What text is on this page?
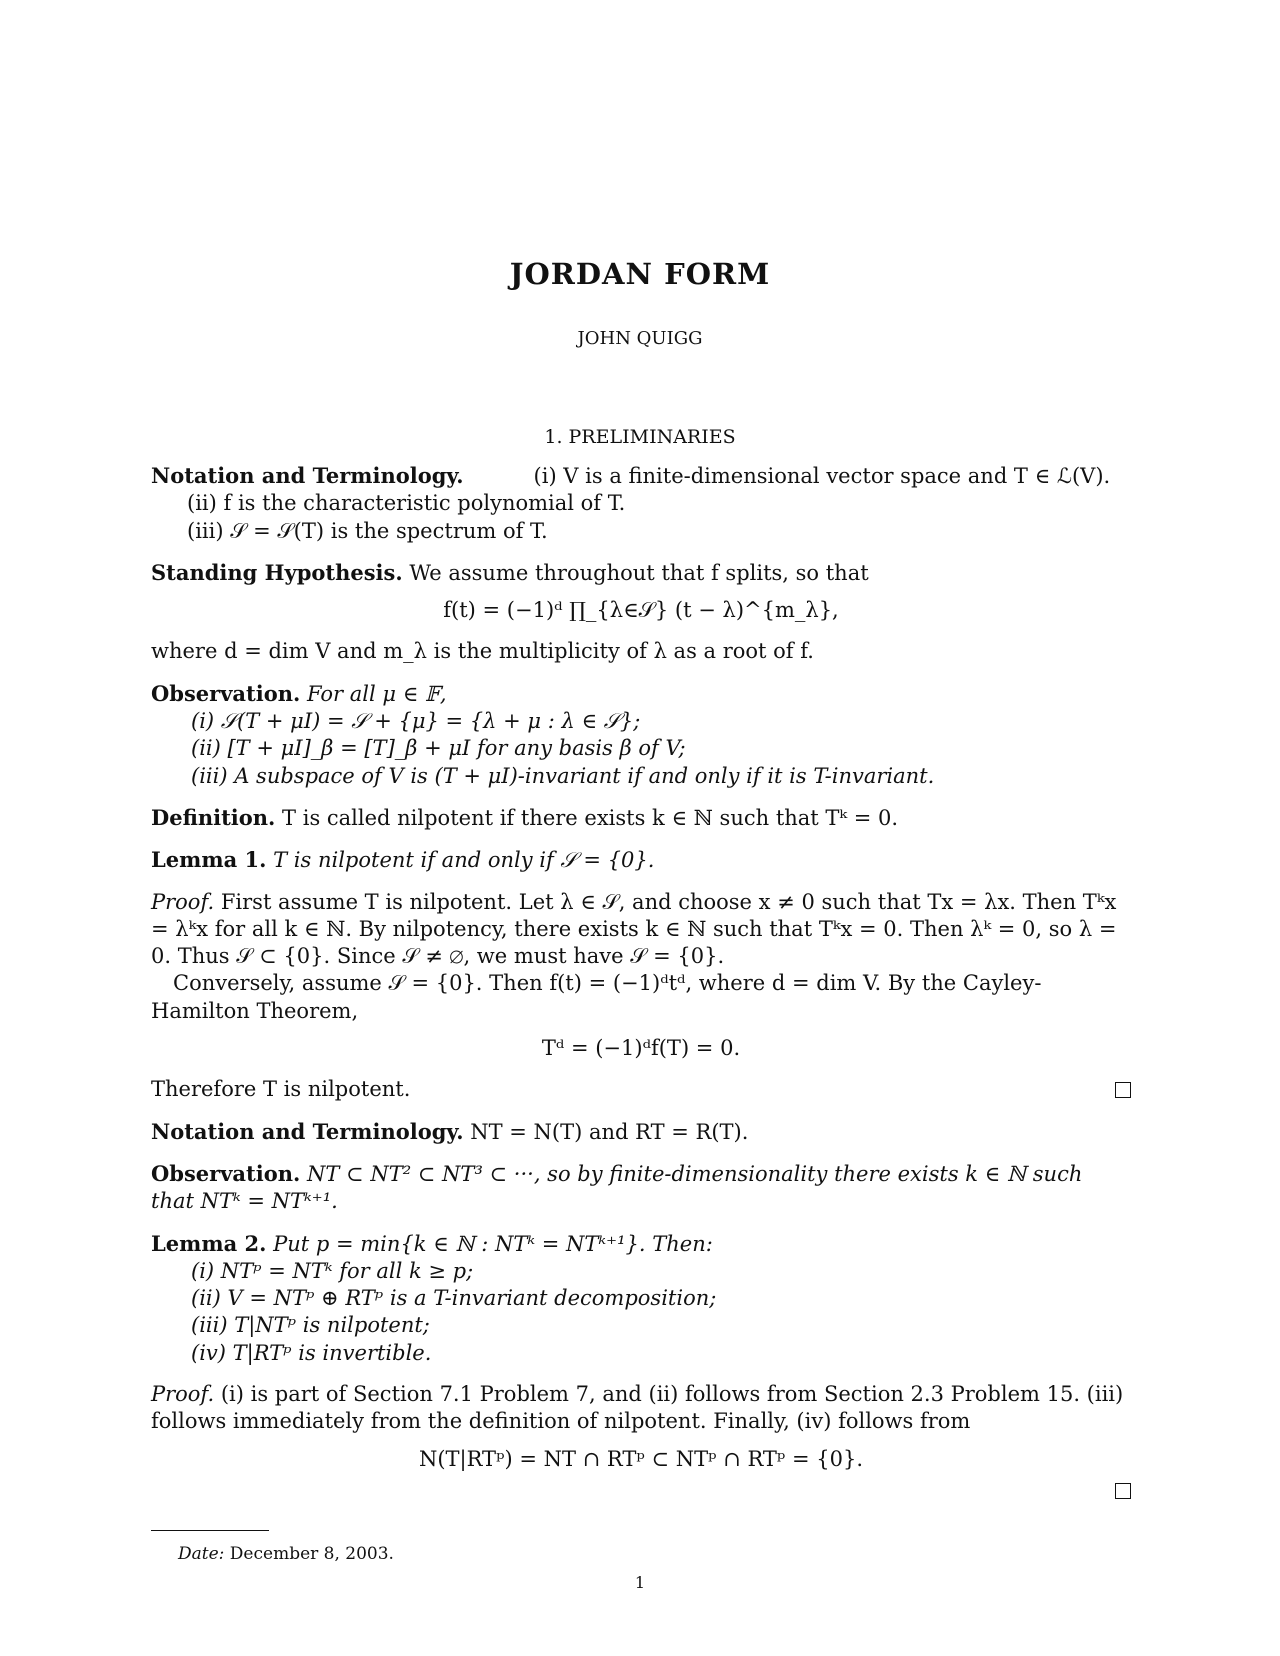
JORDAN FORM
JOHN QUIGG
1. PRELIMINARIES
Notation and Terminology.	(i) V is a finite-dimensional vector space and T ∈ ℒ(V).
(ii) f is the characteristic polynomial of T.
(iii) 𝒮 = 𝒮(T) is the spectrum of T.
Standing Hypothesis. We assume throughout that f splits, so that
f(t) = (−1)ᵈ ∏_{λ∈𝒮} (t − λ)^{m_λ},
where d = dim V and m_λ is the multiplicity of λ as a root of f.
Observation. For all μ ∈ 𝔽,
(i) 𝒮(T + μI) = 𝒮 + {μ} = {λ + μ : λ ∈ 𝒮};
(ii) [T + μI]_β = [T]_β + μI for any basis β of V;
(iii) A subspace of V is (T + μI)-invariant if and only if it is T-invariant.
Definition. T is called nilpotent if there exists k ∈ ℕ such that Tᵏ = 0.
Lemma 1. T is nilpotent if and only if 𝒮 = {0}.
Proof. First assume T is nilpotent. Let λ ∈ 𝒮, and choose x ≠ 0 such that Tx = λx. Then Tᵏx = λᵏx for all k ∈ ℕ. By nilpotency, there exists k ∈ ℕ such that Tᵏx = 0. Then λᵏ = 0, so λ = 0. Thus 𝒮 ⊂ {0}. Since 𝒮 ≠ ∅, we must have 𝒮 = {0}.
Conversely, assume 𝒮 = {0}. Then f(t) = (−1)ᵈtᵈ, where d = dim V. By the Cayley-Hamilton Theorem,
Tᵈ = (−1)ᵈf(T) = 0.
Therefore T is nilpotent.
Notation and Terminology. NT = N(T) and RT = R(T).
Observation. NT ⊂ NT² ⊂ NT³ ⊂ ···, so by finite-dimensionality there exists k ∈ ℕ such that NTᵏ = NTᵏ⁺¹.
Lemma 2. Put p = min{k ∈ ℕ : NTᵏ = NTᵏ⁺¹}. Then:
(i) NTᵖ = NTᵏ for all k ≥ p;
(ii) V = NTᵖ ⊕ RTᵖ is a T-invariant decomposition;
(iii) T|NTᵖ is nilpotent;
(iv) T|RTᵖ is invertible.
Proof. (i) is part of Section 7.1 Problem 7, and (ii) follows from Section 2.3 Problem 15. (iii) follows immediately from the definition of nilpotent. Finally, (iv) follows from
N(T|RTᵖ) = NT ∩ RTᵖ ⊂ NTᵖ ∩ RTᵖ = {0}.
Date: December 8, 2003.
1
